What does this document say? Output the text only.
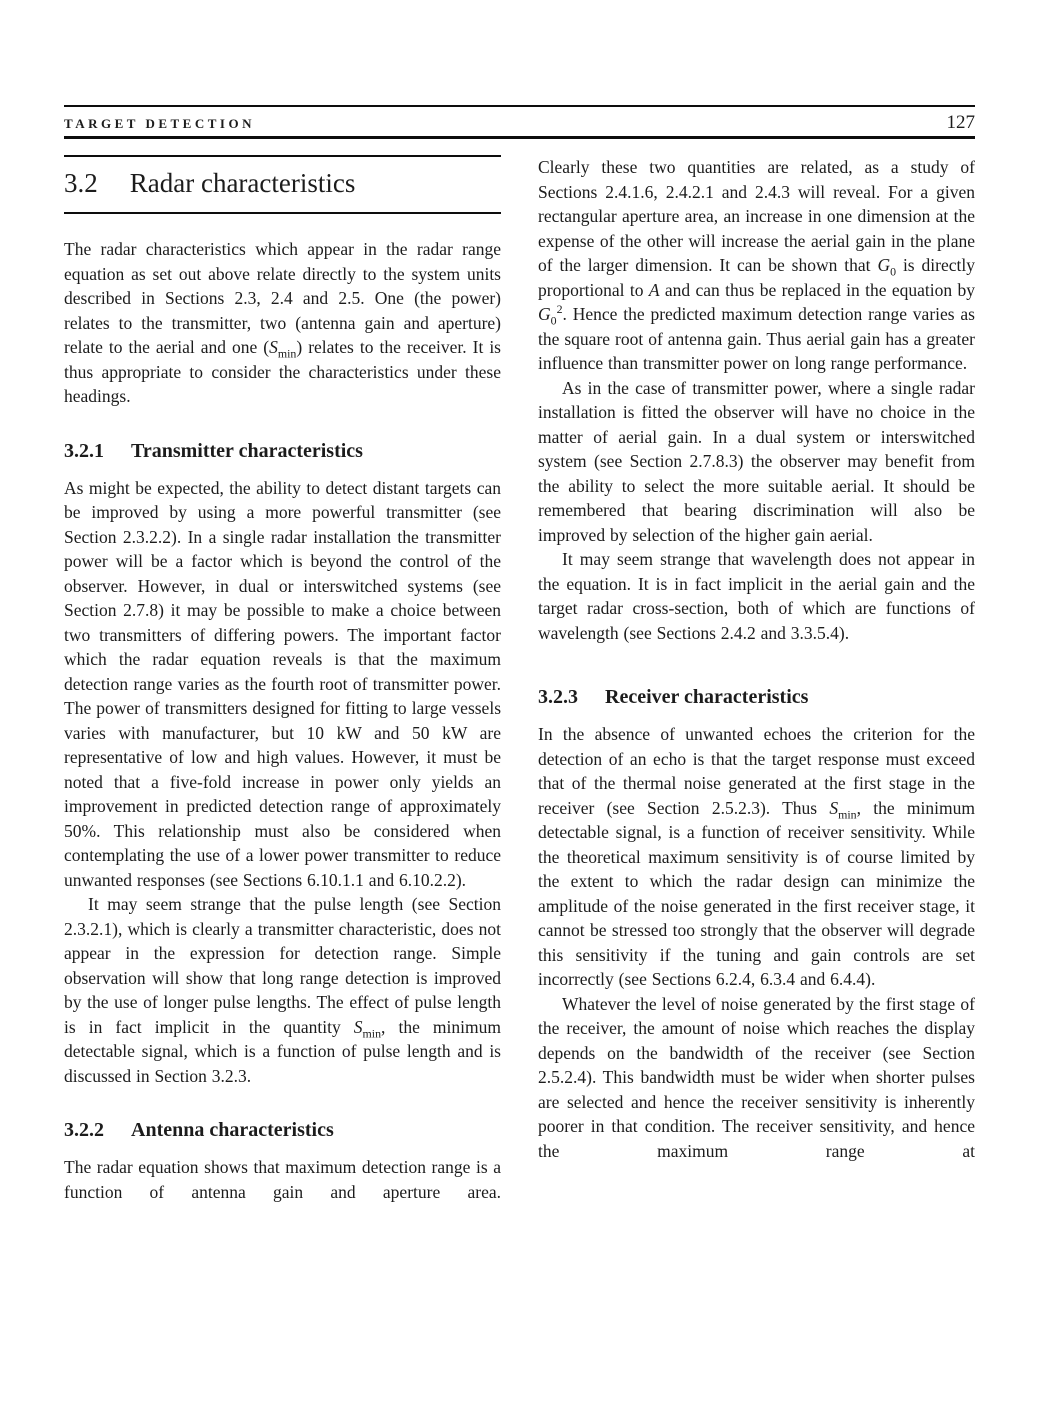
TARGET DETECTION	127
3.2 Radar characteristics

The radar characteristics which appear in the radar range equation as set out above relate directly to the system units described in Sections 2.3, 2.4 and 2.5. One (the power) relates to the transmitter, two (antenna gain and aperture) relate to the aerial and one $(S_{min})$ relates to the receiver. It is thus appropriate to consider the characteristics under these headings.

3.2.1 Transmitter characteristics

As might be expected, the ability to detect distant targets can be improved by using a more powerful transmitter (see Section 2.3.2.2). In a single radar installation the transmitter power will be a factor which is beyond the control of the observer. However, in dual or interswitched systems (see Section 2.7.8) it may be possible to make a choice between two transmitters of differing powers. The important factor which the radar equation reveals is that the maximum detection range varies as the fourth root of transmitter power. The power of transmitters designed for fitting to large vessels varies with manufacturer, but 10 kW and 50 kW are representative of low and high values. However, it must be noted that a five-fold increase in power only yields an improvement in predicted detection range of approximately 50%. This relationship must also be considered when contemplating the use of a lower power transmitter to reduce unwanted responses (see Sections 6.10.1.1 and 6.10.2.2).

It may seem strange that the pulse length (see Section 2.3.2.1), which is clearly a transmitter characteristic, does not appear in the expression for detection range. Simple observation will show that long range detection is improved by the use of longer pulse lengths. The effect of pulse length is in fact implicit in the quantity $S_{min}$, the minimum detectable signal, which is a function of pulse length and is discussed in Section 3.2.3.

3.2.2 Antenna characteristics

The radar equation shows that maximum detection range is a function of antenna gain and aperture area.

Clearly these two quantities are related, as a study of Sections 2.4.1.6, 2.4.2.1 and 2.4.3 will reveal. For a given rectangular aperture area, an increase in one dimension at the expense of the other will increase the aerial gain in the plane of the larger dimension. It can be shown that $G_0$ is directly proportional to A and can thus be replaced in the equation by $G_0^2$. Hence the predicted maximum detection range varies as the square root of antenna gain. Thus aerial gain has a greater influence than transmitter power on long range performance.

As in the case of transmitter power, where a single radar installation is fitted the observer will have no choice in the matter of aerial gain. In a dual system or interswitched system (see Section 2.7.8.3) the observer may benefit from the ability to select the more suitable aerial. It should be remembered that bearing discrimination will also be improved by selection of the higher gain aerial.

It may seem strange that wavelength does not appear in the equation. It is in fact implicit in the aerial gain and the target radar cross-section, both of which are functions of wavelength (see Sections 2.4.2 and 3.3.5.4).

3.2.3 Receiver characteristics

In the absence of unwanted echoes the criterion for the detection of an echo is that the target response must exceed that of the thermal noise generated at the first stage in the receiver (see Section 2.5.2.3). Thus $S_{min}$, the minimum detectable signal, is a function of receiver sensitivity. While the theoretical maximum sensitivity is of course limited by the extent to which the radar design can minimize the amplitude of the noise generated in the first receiver stage, it cannot be stressed too strongly that the observer will degrade this sensitivity if the tuning and gain controls are set incorrectly (see Sections 6.2.4, 6.3.4 and 6.4.4).

Whatever the level of noise generated by the first stage of the receiver, the amount of noise which reaches the display depends on the bandwidth of the receiver (see Section 2.5.2.4). This bandwidth must be wider when shorter pulses are selected and hence the receiver sensitivity is inherently poorer in that condition. The receiver sensitivity, and hence the maximum range at
